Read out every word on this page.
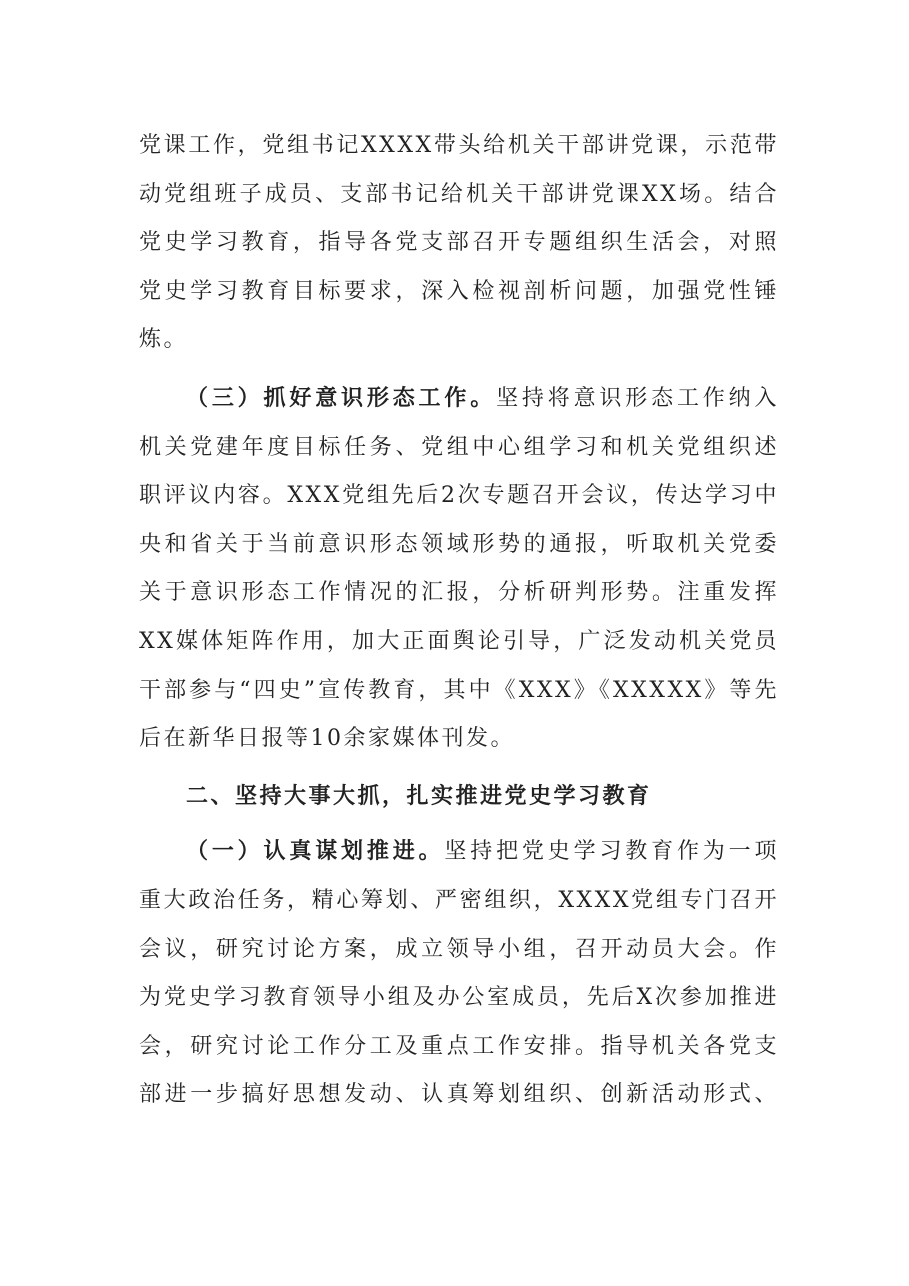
党课工作，党组书记XXXX带头给机关干部讲党课，示范带
动党组班子成员、支部书记给机关干部讲党课XX场。结合
党史学习教育，指导各党支部召开专题组织生活会，对照
党史学习教育目标要求，深入检视剖析问题，加强党性锤
炼。
（三）抓好意识形态工作。坚持将意识形态工作纳入
机关党建年度目标任务、党组中心组学习和机关党组织述
职评议内容。XXX党组先后2次专题召开会议，传达学习中
央和省关于当前意识形态领域形势的通报，听取机关党委
关于意识形态工作情况的汇报，分析研判形势。注重发挥
XX媒体矩阵作用，加大正面舆论引导，广泛发动机关党员
干部参与“四史”宣传教育，其中《XXX》《XXXXX》等先
后在新华日报等10余家媒体刊发。
二、坚持大事大抓，扎实推进党史学习教育
（一）认真谋划推进。坚持把党史学习教育作为一项
重大政治任务，精心筹划、严密组织，XXXX党组专门召开
会议，研究讨论方案，成立领导小组，召开动员大会。作
为党史学习教育领导小组及办公室成员，先后X次参加推进
会，研究讨论工作分工及重点工作安排。指导机关各党支
部进一步搞好思想发动、认真筹划组织、创新活动形式、
